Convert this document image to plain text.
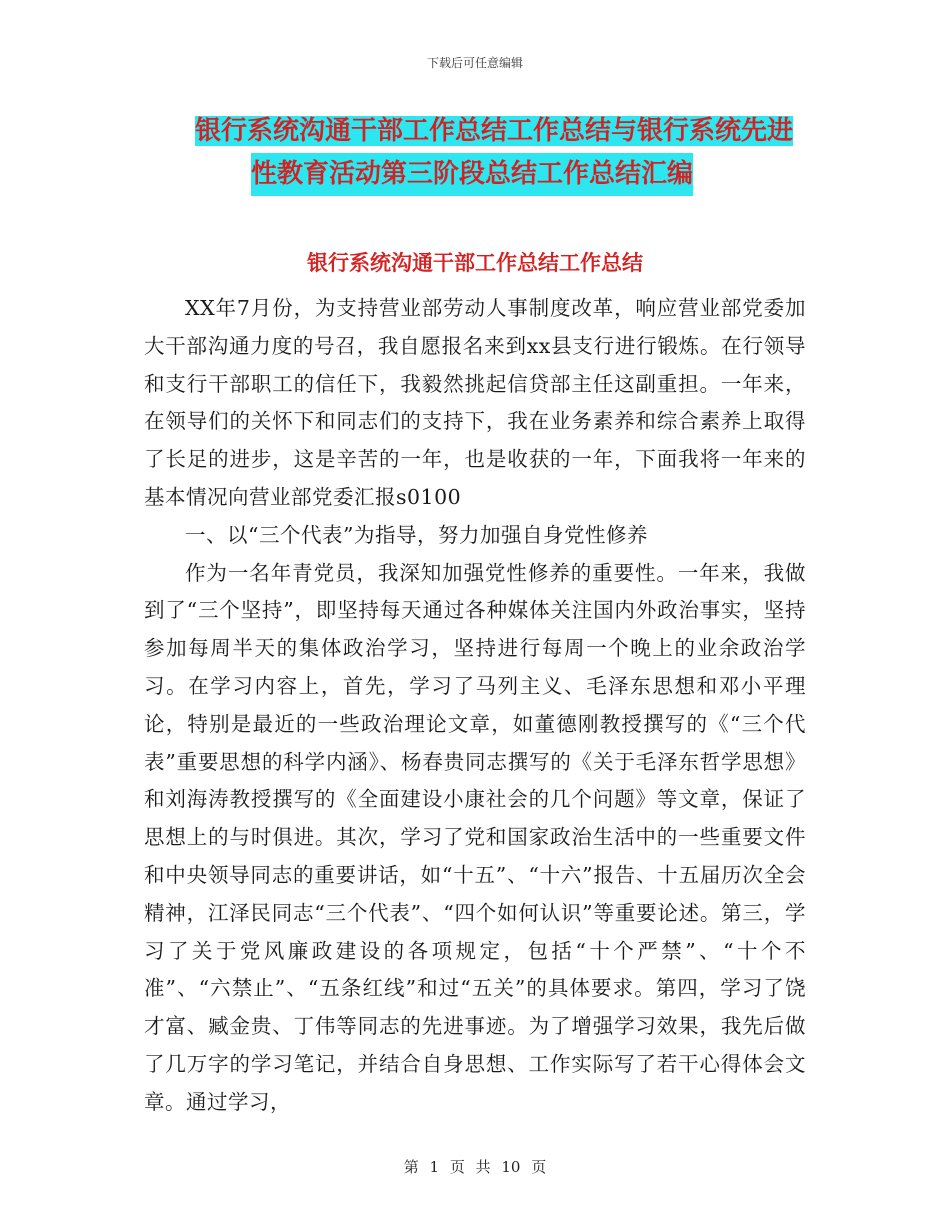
下载后可任意编辑
银行系统沟通干部工作总结工作总结与银行系统先进
性教育活动第三阶段总结工作总结汇编
银行系统沟通干部工作总结工作总结

XX年7月份，为支持营业部劳动人事制度改革，响应营业部党委加大干部沟通力度的号召，我自愿报名来到xx县支行进行锻炼。在行领导和支行干部职工的信任下，我毅然挑起信贷部主任这副重担。一年来，在领导们的关怀下和同志们的支持下，我在业务素养和综合素养上取得了长足的进步，这是辛苦的一年，也是收获的一年，下面我将一年来的基本情况向营业部党委汇报s0100

一、以“三个代表”为指导，努力加强自身党性修养

作为一名年青党员，我深知加强党性修养的重要性。一年来，我做到了“三个坚持”，即坚持每天通过各种媒体关注国内外政治事实，坚持参加每周半天的集体政治学习，坚持进行每周一个晚上的业余政治学习。在学习内容上，首先，学习了马列主义、毛泽东思想和邓小平理论，特别是最近的一些政治理论文章，如董德刚教授撰写的《“三个代表”重要思想的科学内涵》、杨春贵同志撰写的《关于毛泽东哲学思想》和刘海涛教授撰写的《全面建设小康社会的几个问题》等文章，保证了思想上的与时俱进。其次，学习了党和国家政治生活中的一些重要文件和中央领导同志的重要讲话，如“十五”、“十六”报告、十五届历次全会精神，江泽民同志“三个代表”、“四个如何认识”等重要论述。第三，学习了关于党风廉政建设的各项规定，包括“十个严禁”、“十个不准”、“六禁止”、“五条红线”和过“五关”的具体要求。第四，学习了饶才富、臧金贵、丁伟等同志的先进事迹。为了增强学习效果，我先后做了几万字的学习笔记，并结合自身思想、工作实际写了若干心得体会文章。通过学习，

第 1 页 共 10 页
